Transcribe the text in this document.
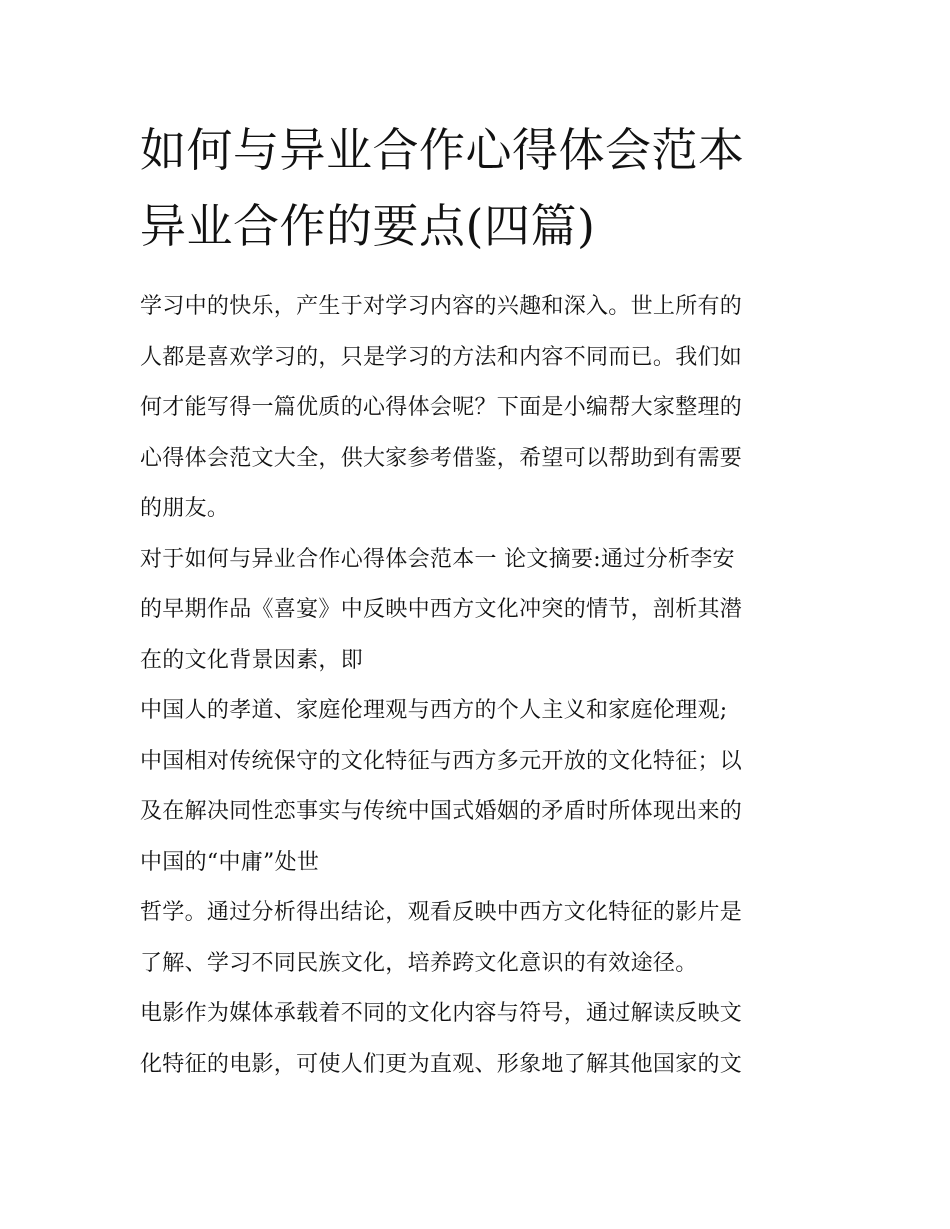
如何与异业合作心得体会范本
异业合作的要点(四篇)

学习中的快乐，产生于对学习内容的兴趣和深入。世上所有的
人都是喜欢学习的，只是学习的方法和内容不同而已。我们如
何才能写得一篇优质的心得体会呢？下面是小编帮大家整理的
心得体会范文大全，供大家参考借鉴，希望可以帮助到有需要
的朋友。

对于如何与异业合作心得体会范本一 论文摘要:通过分析李安
的早期作品《喜宴》中反映中西方文化冲突的情节，剖析其潜
在的文化背景因素，即

中国人的孝道、家庭伦理观与西方的个人主义和家庭伦理观;
中国相对传统保守的文化特征与西方多元开放的文化特征；以
及在解决同性恋事实与传统中国式婚姻的矛盾时所体现出来的
中国的“中庸”处世

哲学。通过分析得出结论，观看反映中西方文化特征的影片是
了解、学习不同民族文化，培养跨文化意识的有效途径。

电影作为媒体承载着不同的文化内容与符号，通过解读反映文
化特征的电影，可使人们更为直观、形象地了解其他国家的文
